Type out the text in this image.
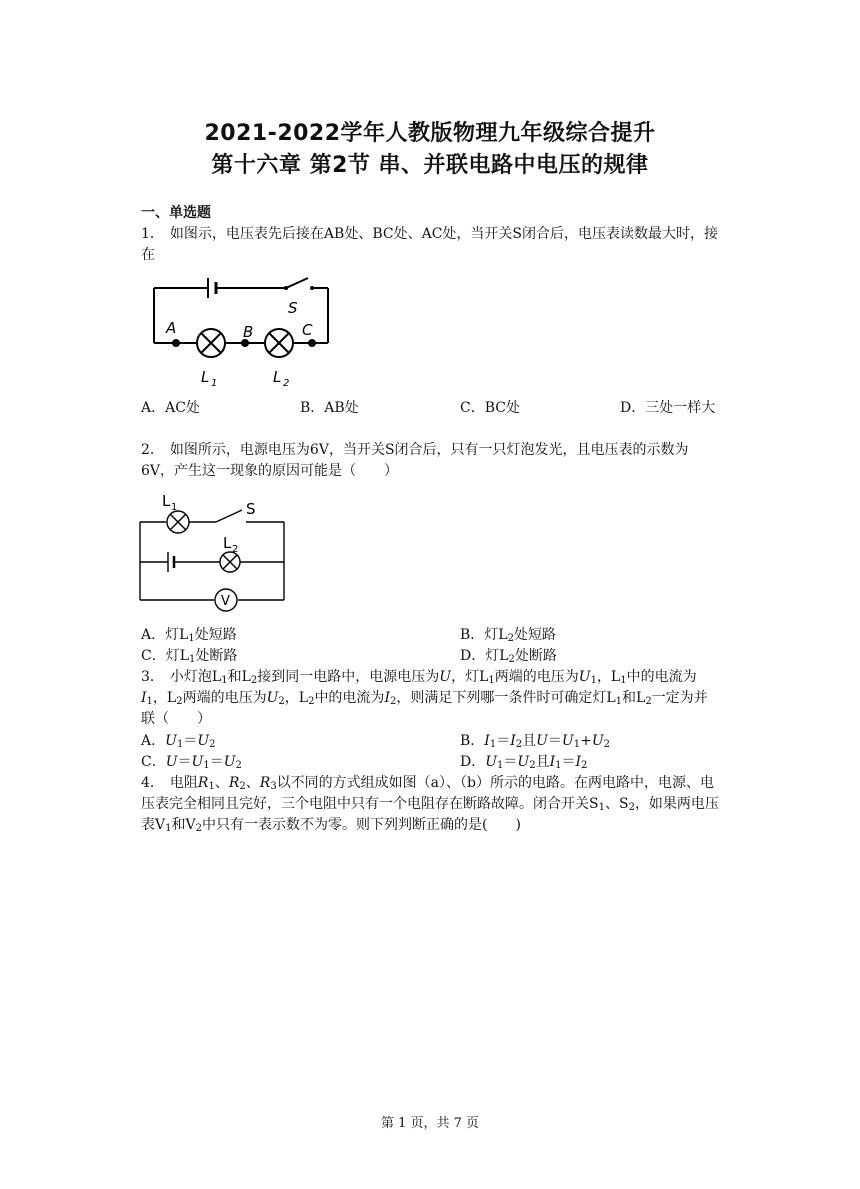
2021-2022学年人教版物理九年级综合提升
第十六章 第2节 串、并联电路中电压的规律
一、单选题

1． 如图示，电压表先后接在AB处、BC处、AC处，当开关S闭合后，电压表读数最大时，接在

S
A	B	C
L 1	L 2
A．AC处	B．AB处	C．BC处	D．三处一样大

2． 如图所示，电源电压为6V，当开关S闭合后，只有一只灯泡发光，且电压表的示数为6V，产生这一现象的原因可能是（　　）

L 1	S
L 2
V
A．灯$L_1$处短路	B．灯$L_2$处短路
C．灯$L_1$处断路	D．灯$L_2$处断路

3． 小灯泡$L_1$和$L_2$接到同一电路中，电源电压为U，灯$L_1$两端的电压为$U_1$，$L_1$中的电流为$I_1$，$L_2$两端的电压为$U_2$，$L_2$中的电流为$I_2$，则满足下列哪一条件时可确定灯$L_1$和$L_2$一定为并联（　　）

A．$U_1=U_2$	B．$I_1=I_2$且$U=U_1+U_2$
C．$U=U_1=U_2$	D．$U_1=U_2$且$I_1=I_2$

4． 电阻$R_1$、$R_2$、$R_3$以不同的方式组成如图（a）、（b）所示的电路。在两电路中，电源、电压表完全相同且完好，三个电阻中只有一个电阻存在断路故障。闭合开关$S_1$、$S_2$，如果两电压表$V_1$和$V_2$中只有一表示数不为零。则下列判断正确的是(　　)

第 1 页，共 7 页
